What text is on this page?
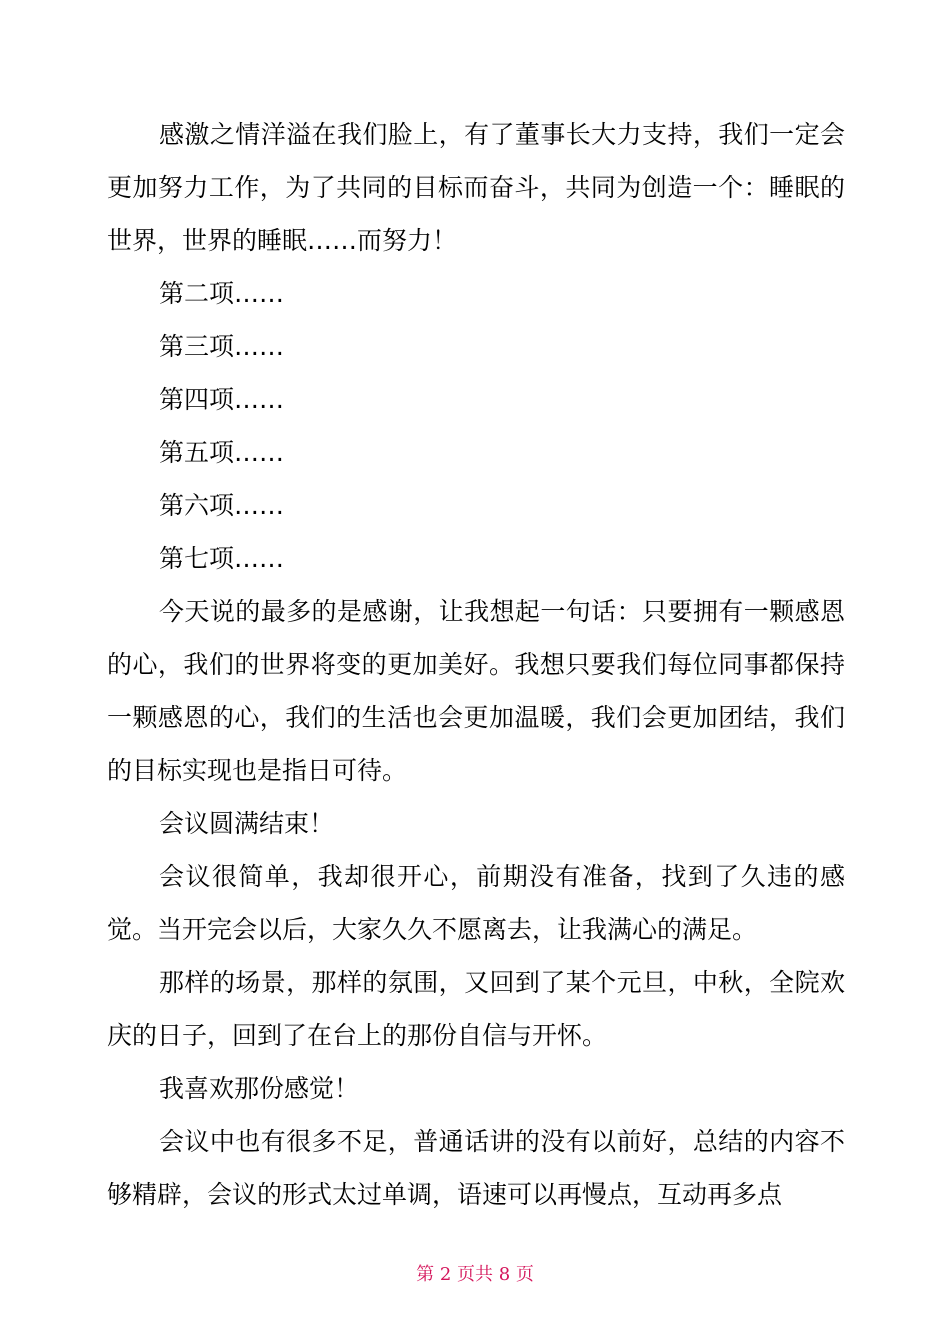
感激之情洋溢在我们脸上，有了董事长大力支持，我们一定会更加努力工作，为了共同的目标而奋斗，共同为创造一个：睡眠的世界，世界的睡眠……而努力！

第二项……

第三项……

第四项……

第五项……

第六项……

第七项……

今天说的最多的是感谢，让我想起一句话：只要拥有一颗感恩的心，我们的世界将变的更加美好。我想只要我们每位同事都保持一颗感恩的心，我们的生活也会更加温暖，我们会更加团结，我们的目标实现也是指日可待。

会议圆满结束！

会议很简单，我却很开心，前期没有准备，找到了久违的感觉。当开完会以后，大家久久不愿离去，让我满心的满足。

那样的场景，那样的氛围，又回到了某个元旦，中秋，全院欢庆的日子，回到了在台上的那份自信与开怀。

我喜欢那份感觉！

会议中也有很多不足，普通话讲的没有以前好，总结的内容不够精辟，会议的形式太过单调，语速可以再慢点，互动再多点

第 2 页共 8 页
